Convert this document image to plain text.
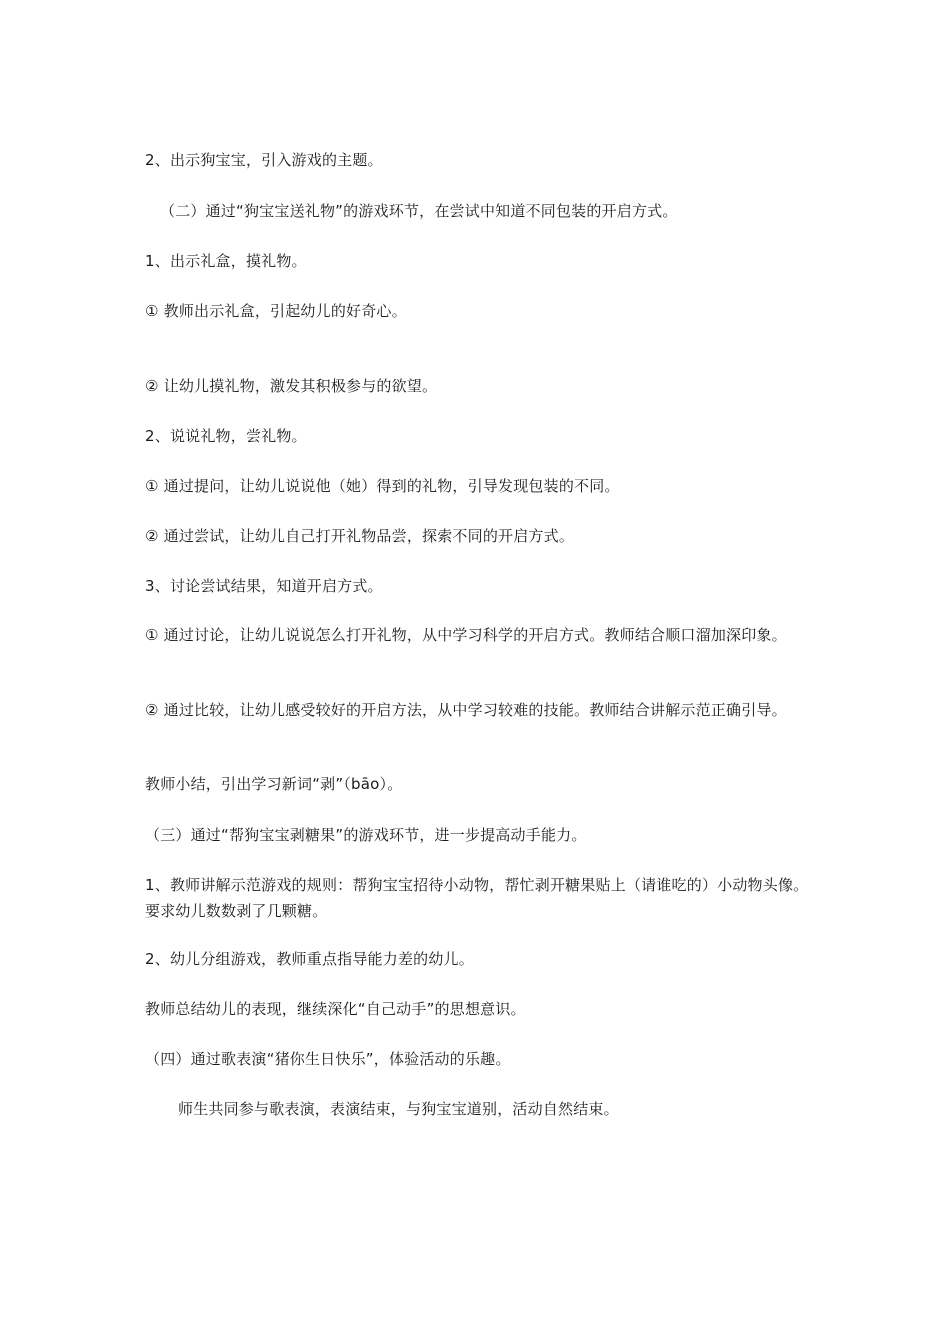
2、出示狗宝宝，引入游戏的主题。
（二）通过“狗宝宝送礼物”的游戏环节，在尝试中知道不同包装的开启方式。
1、出示礼盒，摸礼物。
① 教师出示礼盒，引起幼儿的好奇心。
② 让幼儿摸礼物，激发其积极参与的欲望。
2、说说礼物，尝礼物。
① 通过提问，让幼儿说说他（她）得到的礼物，引导发现包装的不同。
② 通过尝试，让幼儿自己打开礼物品尝，探索不同的开启方式。
3、讨论尝试结果，知道开启方式。
① 通过讨论，让幼儿说说怎么打开礼物，从中学习科学的开启方式。教师结合顺口溜加深印象。
② 通过比较，让幼儿感受较好的开启方法，从中学习较难的技能。教师结合讲解示范正确引导。
教师小结，引出学习新词“剥”（bāo）。
（三）通过“帮狗宝宝剥糖果”的游戏环节，进一步提高动手能力。
1、教师讲解示范游戏的规则：帮狗宝宝招待小动物，帮忙剥开糖果贴上（请谁吃的）小动物头像。要求幼儿数数剥了几颗糖。
2、幼儿分组游戏，教师重点指导能力差的幼儿。
教师总结幼儿的表现，继续深化“自己动手”的思想意识。
（四）通过歌表演“猪你生日快乐”，体验活动的乐趣。
师生共同参与歌表演，表演结束，与狗宝宝道别，活动自然结束。
